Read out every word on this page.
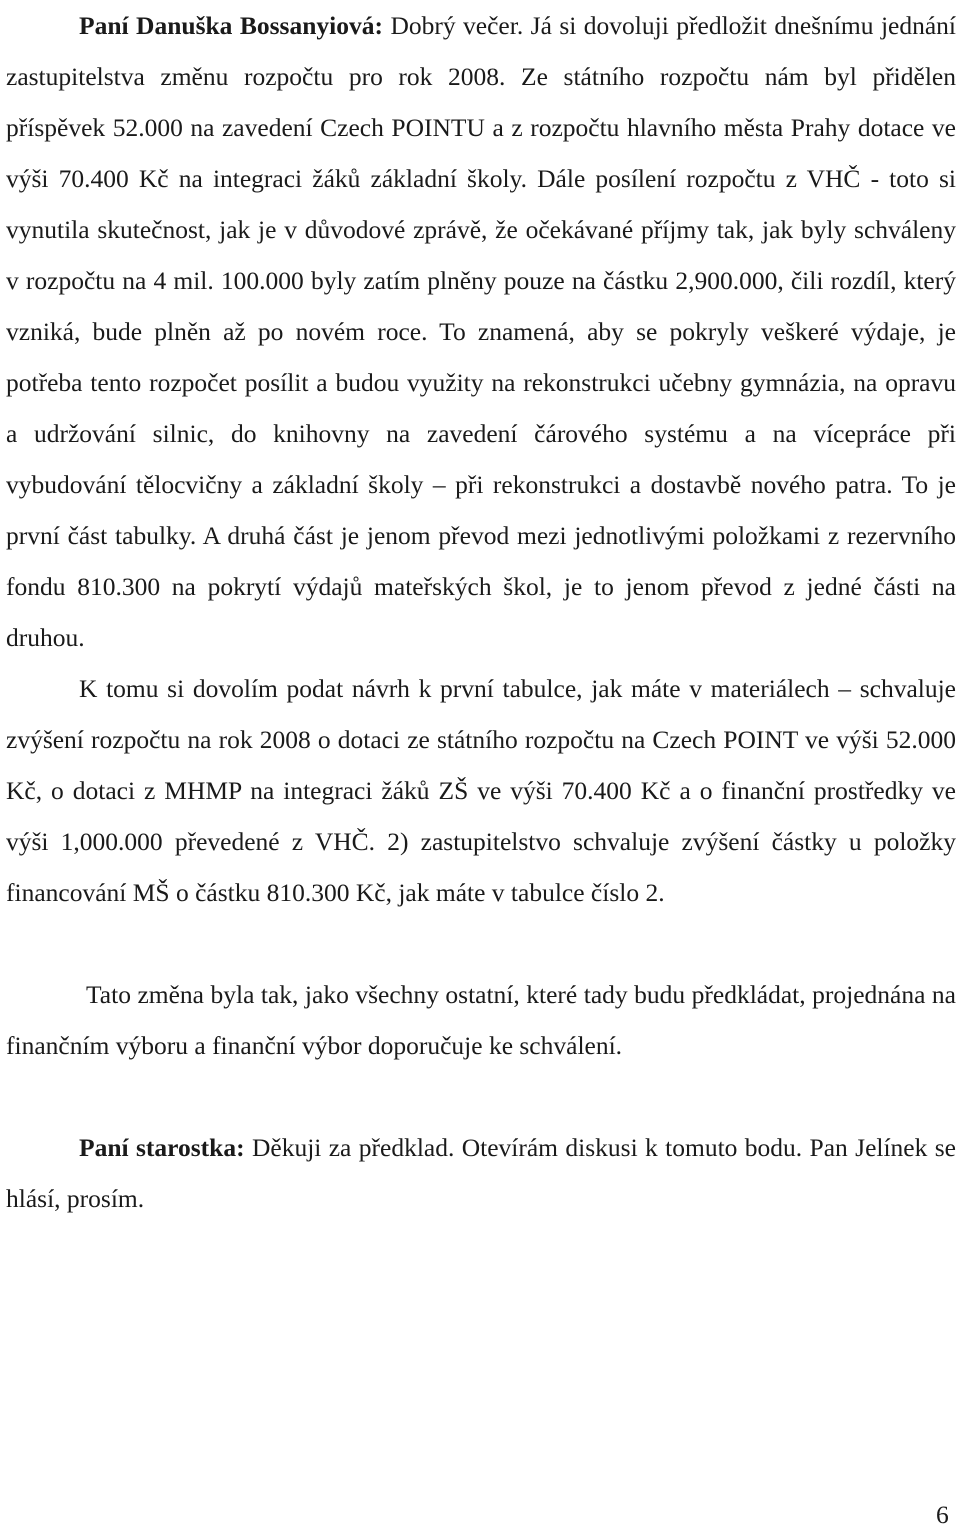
Paní Danuška Bossanyiová: Dobrý večer. Já si dovoluji předložit dnešnímu jednání zastupitelstva změnu rozpočtu pro rok 2008. Ze státního rozpočtu nám byl přidělen příspěvek 52.000 na zavedení Czech POINTU a z rozpočtu hlavního města Prahy dotace ve výši 70.400 Kč na integraci žáků základní školy. Dále posílení rozpočtu z VHČ - toto si vynutila skutečnost, jak je v důvodové zprávě, že očekávané příjmy tak, jak byly schváleny v rozpočtu na 4 mil. 100.000 byly zatím plněny pouze na částku 2,900.000, čili rozdíl, který vzniká, bude plněn až po novém roce. To znamená, aby se pokryly veškeré výdaje, je potřeba tento rozpočet posílit a budou využity na rekonstrukci učebny gymnázia, na opravu a udržování silnic, do knihovny na zavedení čárového systému a na vícepráce při vybudování tělocvičny a základní školy – při rekonstrukci a dostavbě nového patra. To je první část tabulky. A druhá část je jenom převod mezi jednotlivými položkami z rezervního fondu 810.300 na pokrytí výdajů mateřských škol, je to jenom převod z jedné části na druhou.

K tomu si dovolím podat návrh k první tabulce, jak máte v materiálech – schvaluje zvýšení rozpočtu na rok 2008 o dotaci ze státního rozpočtu na Czech POINT ve výši 52.000 Kč, o dotaci z MHMP na integraci žáků ZŠ ve výši 70.400 Kč a o finanční prostředky ve výši 1,000.000 převedené z VHČ. 2) zastupitelstvo schvaluje zvýšení částky u položky financování MŠ o částku 810.300 Kč, jak máte v tabulce číslo 2.

Tato změna byla tak, jako všechny ostatní, které tady budu předkládat, projednána na finančním výboru a finanční výbor doporučuje ke schválení.

Paní starostka: Děkuji za předklad. Otevírám diskusi k tomuto bodu. Pan Jelínek se hlásí, prosím.

6
